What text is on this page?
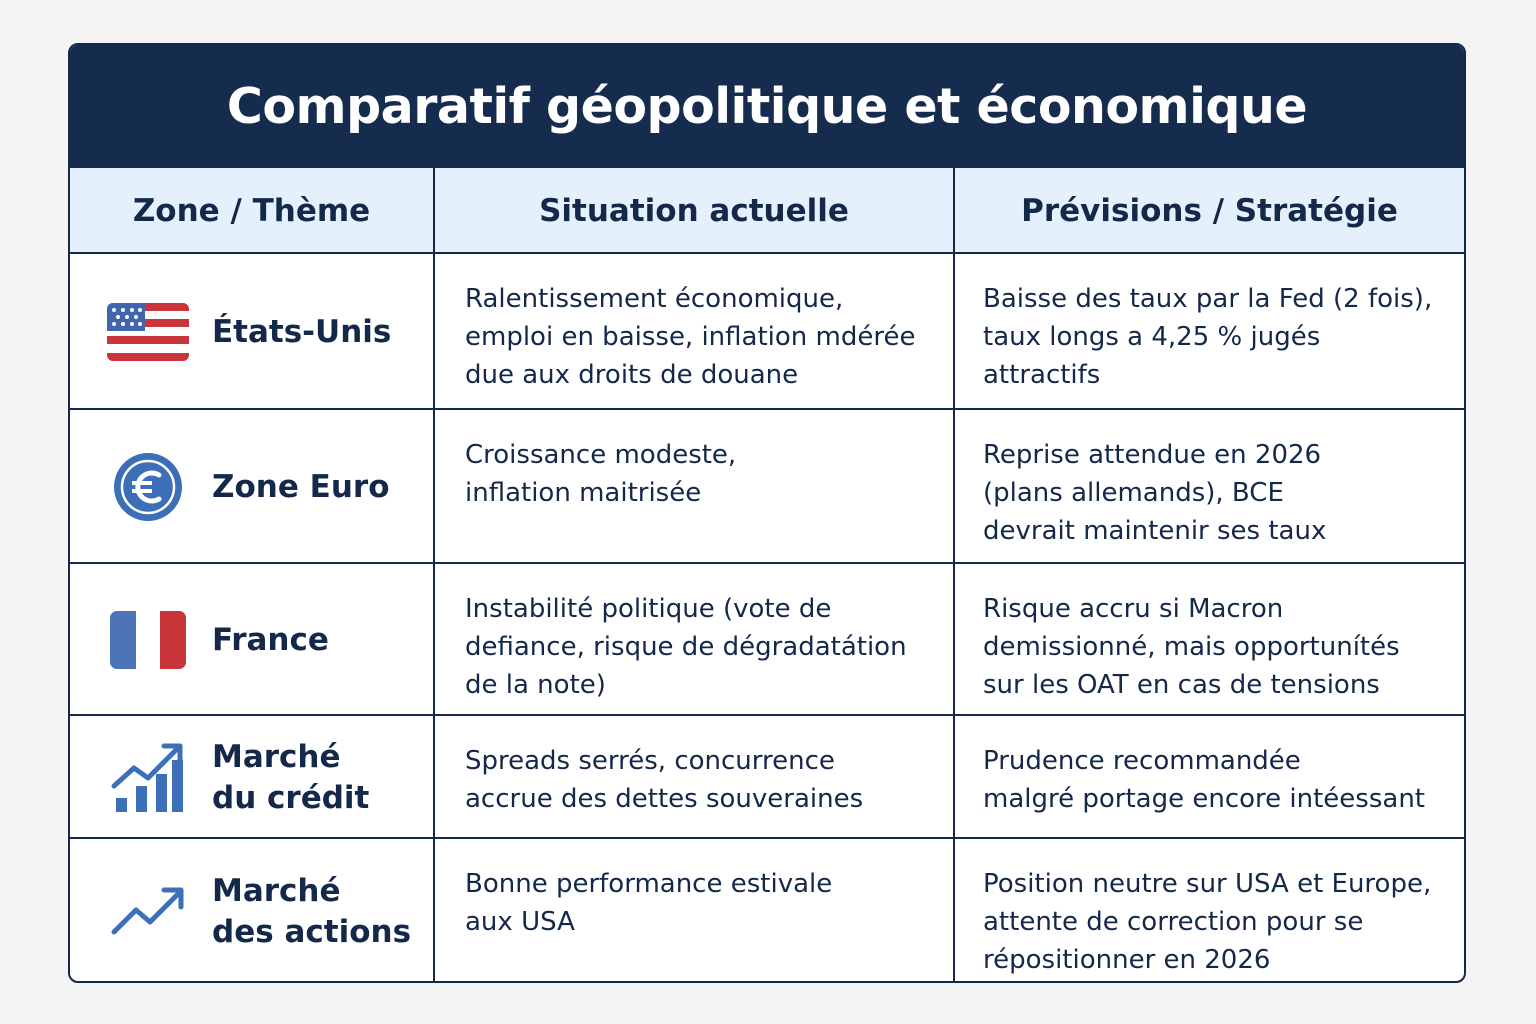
Comparatif géopolitique et économique
Zone / Thème	Situation actuelle	Prévisions / Stratégie
États-Unis
Ralentissement économique,
emploi en baisse, inflation mdérée
due aux droits de douane
Baisse des taux par la Fed (2 fois),
taux longs a 4,25 % jugés
attractifs
Zone Euro
Croissance modeste,
inflation maitrisée
Reprise attendue en 2026
(plans allemands), BCE
devrait maintenir ses taux
France
Instabilité politique (vote de
defiance, risque de dégradatátion
de la note)
Risque accru si Macron
demissionné, mais opportunítés
sur les OAT en cas de tensions
Marché
du crédit
Spreads serrés, concurrence
accrue des dettes souveraines
Prudence recommandée
malgré portage encore intéessant
Marché
des actions
Bonne performance estivale
aux USA
Position neutre sur USA et Europe,
attente de correction pour se
répositionner en 2026
